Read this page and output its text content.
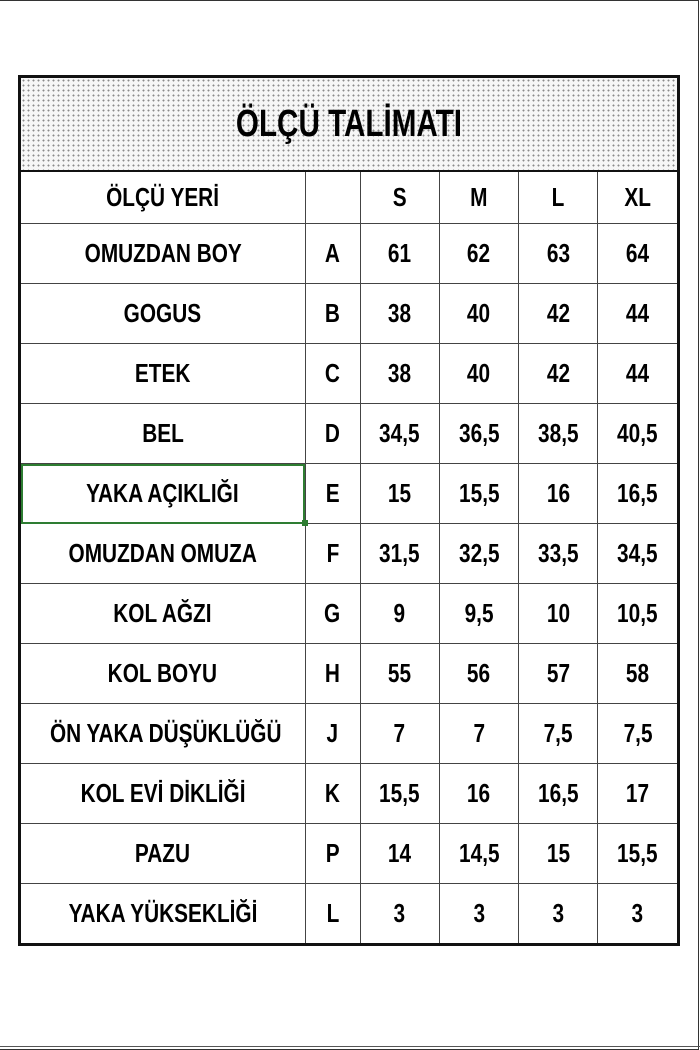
ÖLÇÜ TALİMATI
ÖLÇÜ YERİ		S	M	L	XL
OMUZDAN BOY	A	61	62	63	64
GOGUS	B	38	40	42	44
ETEK	C	38	40	42	44
BEL	D	34,5	36,5	38,5	40,5
YAKA AÇIKLIĞI	E	15	15,5	16	16,5
OMUZDAN OMUZA	F	31,5	32,5	33,5	34,5
KOL AĞZI	G	9	9,5	10	10,5
KOL BOYU	H	55	56	57	58
ÖN YAKA DÜŞÜKLÜĞÜ	J	7	7	7,5	7,5
KOL EVİ DİKLİĞİ	K	15,5	16	16,5	17
PAZU	P	14	14,5	15	15,5
YAKA YÜKSEKLİĞİ	L	3	3	3	3
